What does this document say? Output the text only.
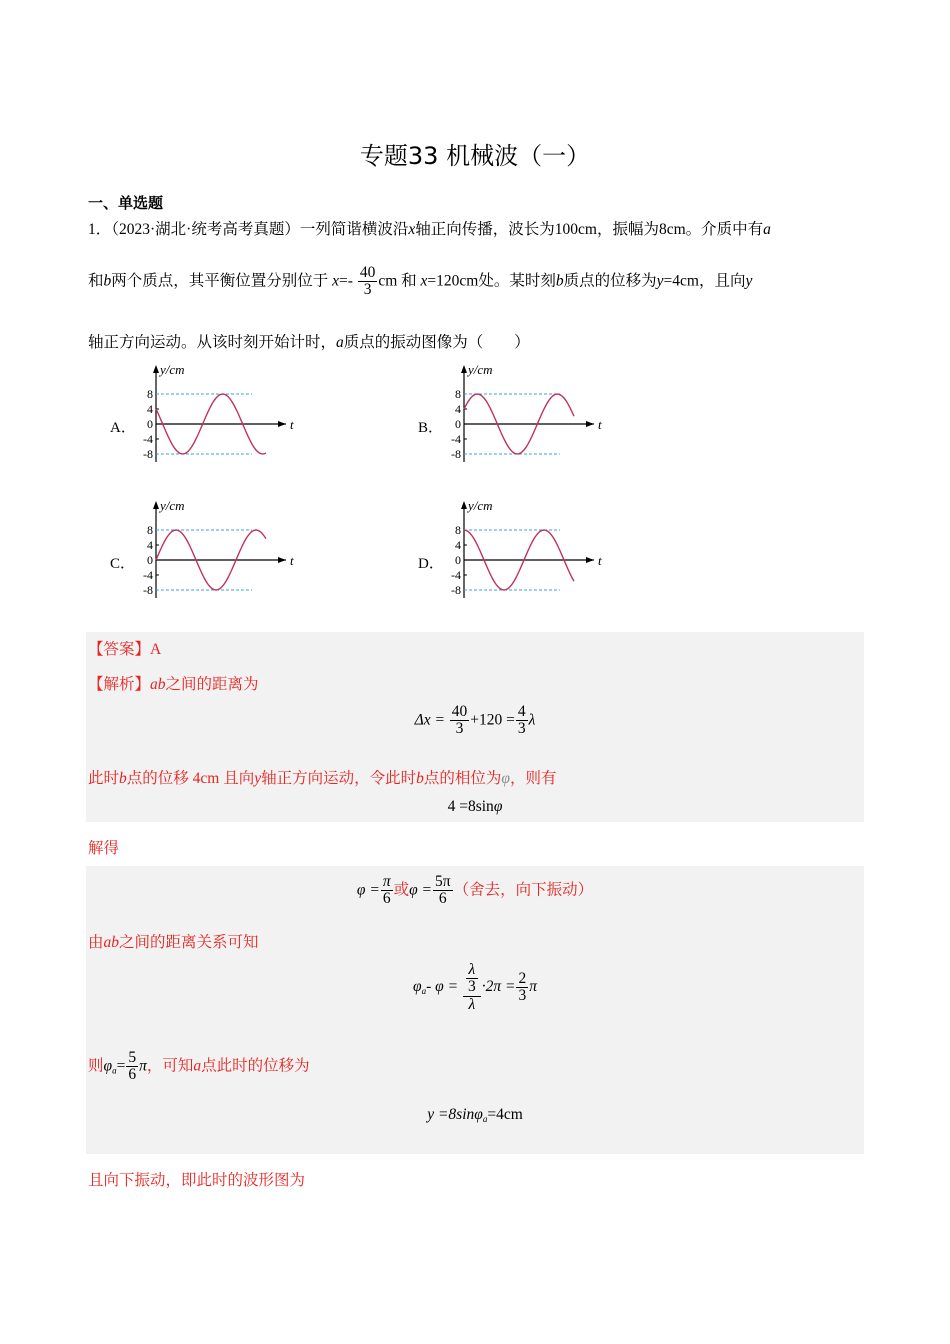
专题33 机械波（一）
一、单选题
1．（2023·湖北·统考高考真题）一列简谐横波沿x轴正向传播，波长为100cm，振幅为8cm。介质中有a
和b两个质点，其平衡位置分别位于 $x=- \frac{40}{3}$ cm 和 x=120cm处。某时刻b质点的位移为y=4cm，且向y
轴正方向运动。从该时刻开始计时，a质点的振动图像为（　　）
A．	B．
C．	D．
y/cm
t
8
4
0
-4
-8
y/cm
t
8
4
0
-4
-8
y/cm
t
8
4
0
-4
-8
y/cm
t
8
4
0
-4
-8
【答案】A
【解析】ab之间的距离为
$\Delta x = \frac{40}{3} +120 = \frac{4}{3}$ λ
此时b点的位移 4cm 且向y轴正方向运动，令此时b点的相位为φ，则有
4 =8sinφ
解得
$\varphi = \frac{\pi}{6}$ 或$\varphi = \frac{5\pi}{6}$ （舍去，向下振动）
由ab之间的距离关系可知
$\varphi_a-$ $\varphi = \frac{\frac{\lambda}{3}}{\lambda} \cdot 2\pi = \frac{2}{3}$ π
则$\varphi_a= \frac{5}{6}$ π，可知a点此时的位移为
y =8sinφ$_a$=4cm
且向下振动，即此时的波形图为
